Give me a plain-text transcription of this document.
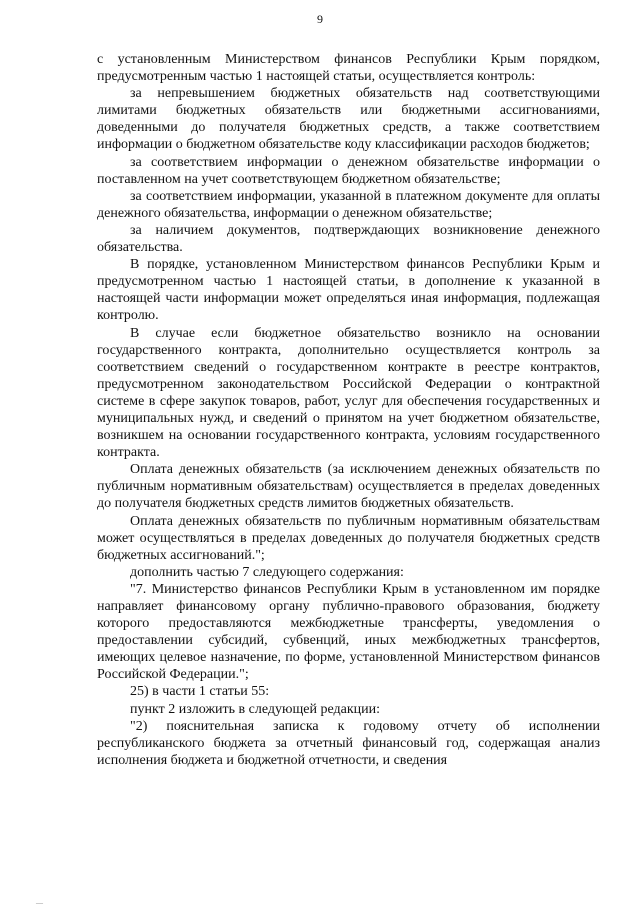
9

с установленным Министерством финансов Республики Крым порядком, предусмотренным частью 1 настоящей статьи, осуществляется контроль:

за непревышением бюджетных обязательств над соответствующими лимитами бюджетных обязательств или бюджетными ассигнованиями, доведенными до получателя бюджетных средств, а также соответствием информации о бюджетном обязательстве коду классификации расходов бюджетов;

за соответствием информации о денежном обязательстве информации о поставленном на учет соответствующем бюджетном обязательстве;

за соответствием информации, указанной в платежном документе для оплаты денежного обязательства, информации о денежном обязательстве;

за наличием документов, подтверждающих возникновение денежного обязательства.

В порядке, установленном Министерством финансов Республики Крым и предусмотренном частью 1 настоящей статьи, в дополнение к указанной в настоящей части информации может определяться иная информация, подлежащая контролю.

В случае если бюджетное обязательство возникло на основании государственного контракта, дополнительно осуществляется контроль за соответствием сведений о государственном контракте в реестре контрактов, предусмотренном законодательством Российской Федерации о контрактной системе в сфере закупок товаров, работ, услуг для обеспечения государственных и муниципальных нужд, и сведений о принятом на учет бюджетном обязательстве, возникшем на основании государственного контракта, условиям государственного контракта.

Оплата денежных обязательств (за исключением денежных обязательств по публичным нормативным обязательствам) осуществляется в пределах доведенных до получателя бюджетных средств лимитов бюджетных обязательств.

Оплата денежных обязательств по публичным нормативным обязательствам может осуществляться в пределах доведенных до получателя бюджетных средств бюджетных ассигнований.";

дополнить частью 7 следующего содержания:

"7. Министерство финансов Республики Крым в установленном им порядке направляет финансовому органу публично-правового образования, бюджету которого предоставляются межбюджетные трансферты, уведомления о предоставлении субсидий, субвенций, иных межбюджетных трансфертов, имеющих целевое назначение, по форме, установленной Министерством финансов Российской Федерации.";

25) в части 1 статьи 55:

пункт 2 изложить в следующей редакции:

"2) пояснительная записка к годовому отчету об исполнении республиканского бюджета за отчетный финансовый год, содержащая анализ исполнения бюджета и бюджетной отчетности, и сведения

—
